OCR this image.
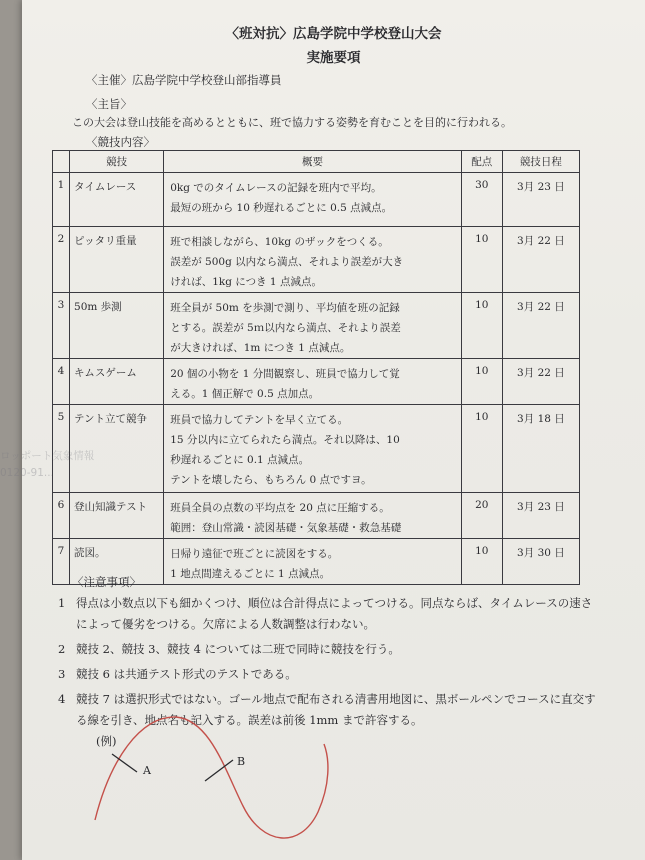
〈班対抗〉広島学院中学校登山大会
実施要項
ロッポート気象情報
0120-91...
〈主催〉広島学院中学校登山部指導員
〈主旨〉
この大会は登山技能を高めるとともに、班で協力する姿勢を育むことを目的に行われる。
〈競技内容〉
	競技	概要	配点	競技日程
1	タイムレース	0kg でのタイムレースの記録を班内で平均。
最短の班から 10 秒遅れるごとに 0.5 点減点。	30	3月 23 日
2	ピッタリ重量	班で相談しながら、10kg のザックをつくる。
誤差が 500g 以内なら満点、それより誤差が大き
ければ、1kg につき 1 点減点。	10	3月 22 日
3	50m 歩測	班全員が 50m を歩測で測り、平均値を班の記録
とする。誤差が 5ｍ以内なら満点、それより誤差
が大きければ、1m につき 1 点減点。	10	3月 22 日
4	キムスゲーム	20 個の小物を 1 分間観察し、班員で協力して覚
える。1 個正解で 0.5 点加点。	10	3月 22 日
5	テント立て競争	班員で協力してテントを早く立てる。
15 分以内に立てられたら満点。それ以降は、10
秒遅れるごとに 0.1 点減点。
テントを壊したら、もちろん 0 点ですヨ。	10	3月 18 日
6	登山知識テスト	班員全員の点数の平均点を 20 点に圧縮する。
範囲：登山常識・読図基礎・気象基礎・救急基礎	20	3月 23 日
7	読図。	日帰り遠征で班ごとに読図をする。
1 地点間違えるごとに 1 点減点。	10	3月 30 日
〈注意事項〉
1 得点は小数点以下も細かくつけ、順位は合計得点によってつける。同点ならば、タイムレースの速さによって優劣をつける。欠席による人数調整は行わない。
2 競技 2、競技 3、競技 4 については二班で同時に競技を行う。
3 競技 6 は共通テスト形式のテストである。
4 競技 7 は選択形式ではない。ゴール地点で配布される清書用地図に、黒ボールペンでコースに直交する線を引き、地点名も記入する。誤差は前後 1mm まで許容する。
(例)
A
B
